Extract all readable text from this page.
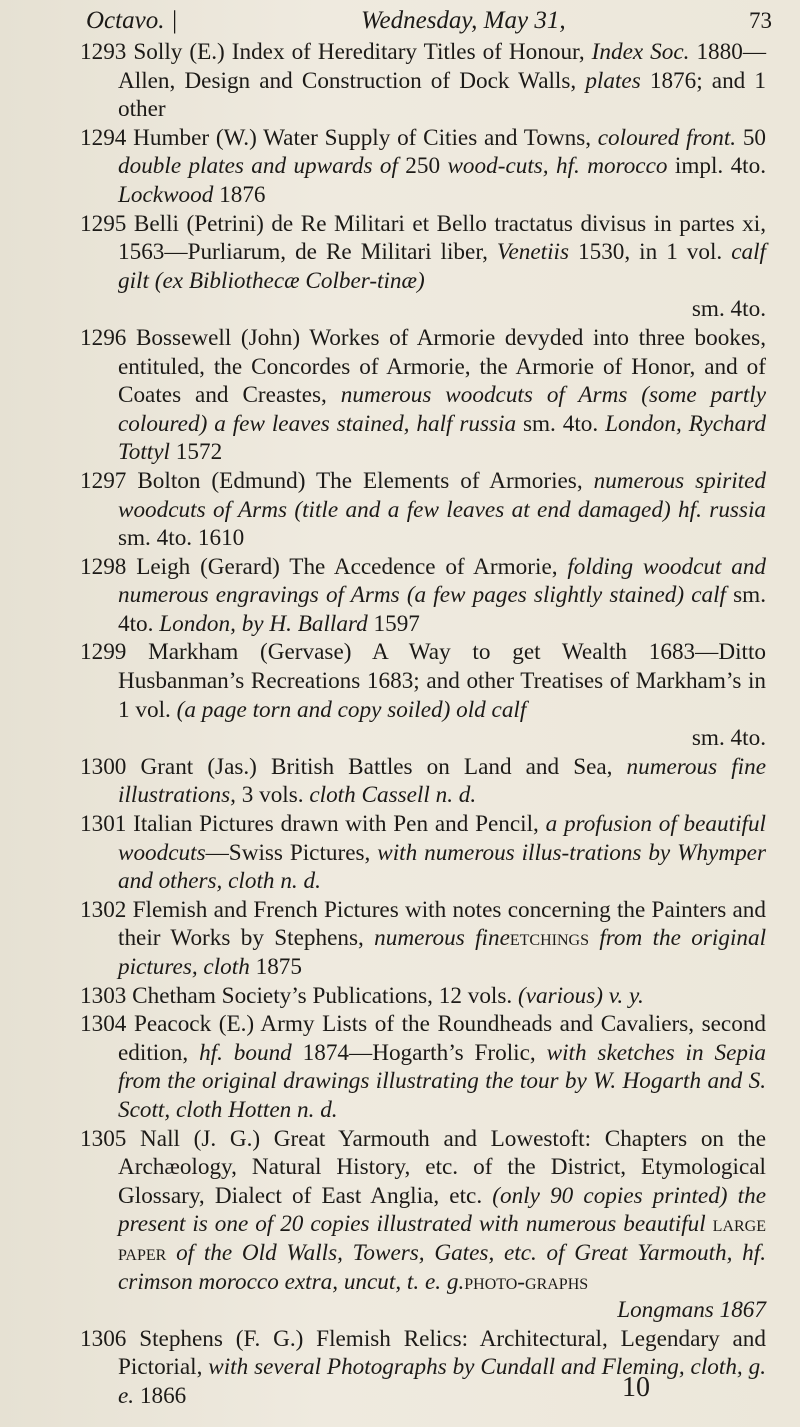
Octavo. |	Wednesday, May 31,	73

1293 Solly (E.) Index of Hereditary Titles of Honour, Index Soc. 1880—Allen, Design and Construction of Dock Walls, plates 1876; and 1 other

1294 Humber (W.) Water Supply of Cities and Towns, coloured front. 50 double plates and upwards of 250 wood-cuts, hf. morocco impl. 4to. Lockwood 1876

1295 Belli (Petrini) de Re Militari et Bello tractatus divisus in partes xi, 1563—Purliarum, de Re Militari liber, Venetiis 1530, in 1 vol. calf gilt (ex Bibliothecæ Colber-tinæ)
sm. 4to.

1296 Bossewell (John) Workes of Armorie devyded into three bookes, entituled, the Concordes of Armorie, the Armorie of Honor, and of Coates and Creastes, numerous woodcuts of Arms (some partly coloured) a few leaves stained, half russia sm. 4to. London, Rychard Tottyl 1572

1297 Bolton (Edmund) The Elements of Armories, numerous spirited woodcuts of Arms (title and a few leaves at end damaged) hf. russia sm. 4to. 1610

1298 Leigh (Gerard) The Accedence of Armorie, folding woodcut and numerous engravings of Arms (a few pages slightly stained) calf sm. 4to. London, by H. Ballard 1597

1299 Markham (Gervase) A Way to get Wealth 1683—Ditto Husbanman’s Recreations 1683; and other Treatises of Markham’s in 1 vol. (a page torn and copy soiled) old calf
sm. 4to.

1300 Grant (Jas.) British Battles on Land and Sea, numerous fine illustrations, 3 vols. cloth Cassell n. d.

1301 Italian Pictures drawn with Pen and Pencil, a profusion of beautiful woodcuts—Swiss Pictures, with numerous illus-trations by Whymper and others, cloth n. d.

1302 Flemish and French Pictures with notes concerning the Painters and their Works by Stephens, numerous fineetchings from the original pictures, cloth 1875

1303 Chetham Society’s Publications, 12 vols. (various) v. y.

1304 Peacock (E.) Army Lists of the Roundheads and Cavaliers, second edition, hf. bound 1874—Hogarth’s Frolic, with sketches in Sepia from the original drawings illustrating the tour by W. Hogarth and S. Scott, cloth Hotten n. d.

1305 Nall (J. G.) Great Yarmouth and Lowestoft: Chapters on the Archæology, Natural History, etc. of the District, Etymological Glossary, Dialect of East Anglia, etc. (only 90 copies printed) the present is one of 20 copies illustrated with numerous beautiful large paper of the Old Walls, Towers, Gates, etc. of Great Yarmouth, hf. crimson morocco extra, uncut, t. e. g.photo-graphs
Longmans 1867

1306 Stephens (F. G.) Flemish Relics: Architectural, Legendary and Pictorial, with several Photographs by Cundall and Fleming, cloth, g. e. 1866	10
